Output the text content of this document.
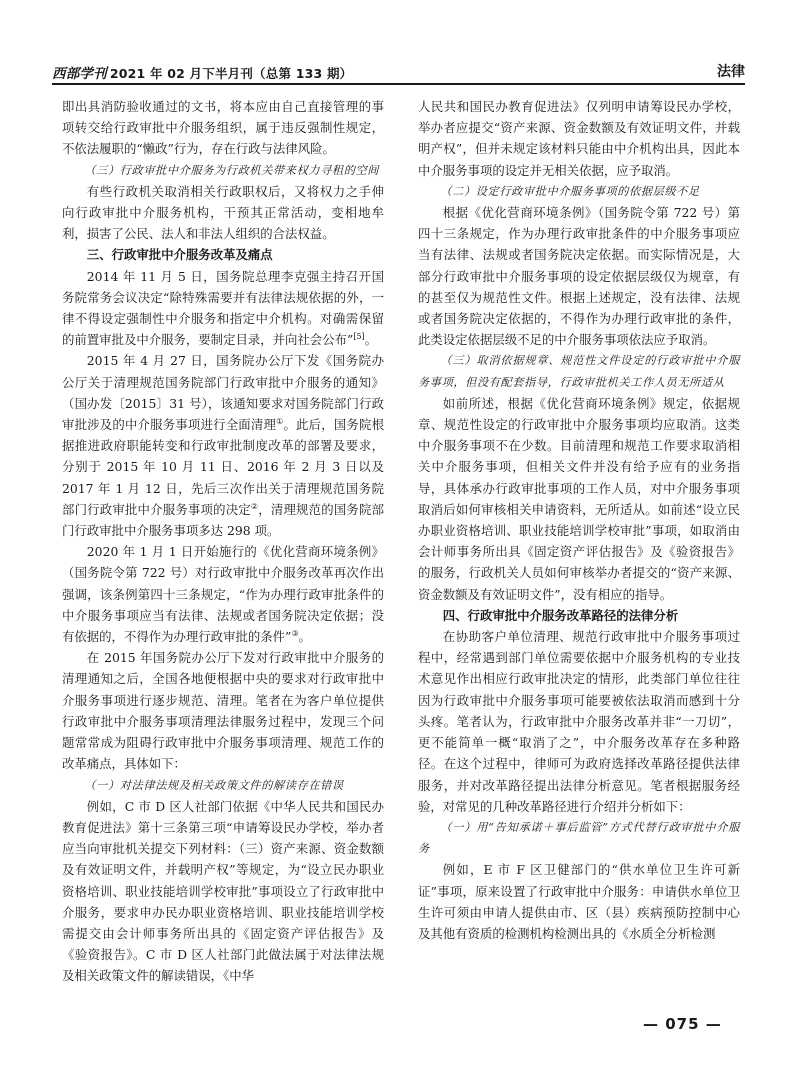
西部学刊 2021 年 02 月下半月刊（总第 133 期）	法律

即出具消防验收通过的文书，将本应由自己直接管理的事项转交给行政审批中介服务组织，属于违反强制性规定，不依法履职的“懒政”行为，存在行政与法律风险。

（三）行政审批中介服务为行政机关带来权力寻租的空间

有些行政机关取消相关行政职权后，又将权力之手伸向行政审批中介服务机构，干预其正常活动，变相地牟利，损害了公民、法人和非法人组织的合法权益。

三、行政审批中介服务改革及痛点

2014 年 11 月 5 日，国务院总理李克强主持召开国务院常务会议决定“除特殊需要并有法律法规依据的外，一律不得设定强制性中介服务和指定中介机构。对确需保留的前置审批及中介服务，要制定目录，并向社会公布”[5]。

2015 年 4 月 27 日，国务院办公厅下发《国务院办公厅关于清理规范国务院部门行政审批中介服务的通知》（国办发〔2015〕31 号），该通知要求对国务院部门行政审批涉及的中介服务事项进行全面清理①。此后，国务院根据推进政府职能转变和行政审批制度改革的部署及要求，分别于 2015 年 10 月 11 日、2016 年 2 月 3 日以及 2017 年 1 月 12 日，先后三次作出关于清理规范国务院部门行政审批中介服务事项的决定②，清理规范的国务院部门行政审批中介服务事项多达 298 项。

2020 年 1 月 1 日开始施行的《优化营商环境条例》（国务院令第 722 号）对行政审批中介服务改革再次作出强调，该条例第四十三条规定，“作为办理行政审批条件的中介服务事项应当有法律、法规或者国务院决定依据；没有依据的，不得作为办理行政审批的条件”③。

在 2015 年国务院办公厅下发对行政审批中介服务的清理通知之后，全国各地便根据中央的要求对行政审批中介服务事项进行逐步规范、清理。笔者在为客户单位提供行政审批中介服务事项清理法律服务过程中，发现三个问题常常成为阻碍行政审批中介服务事项清理、规范工作的改革痛点，具体如下：

（一）对法律法规及相关政策文件的解读存在错误

例如，C 市 D 区人社部门依据《中华人民共和国民办教育促进法》第十三条第三项“申请筹设民办学校，举办者应当向审批机关提交下列材料：（三）资产来源、资金数额及有效证明文件，并载明产权”等规定，为“设立民办职业资格培训、职业技能培训学校审批”事项设立了行政审批中介服务，要求申办民办职业资格培训、职业技能培训学校需提交由会计师事务所出具的《固定资产评估报告》及《验资报告》。C 市 D 区人社部门此做法属于对法律法规及相关政策文件的解读错误，《中华

人民共和国民办教育促进法》仅列明申请筹设民办学校，举办者应提交“资产来源、资金数额及有效证明文件，并载明产权”，但并未规定该材料只能由中介机构出具，因此本中介服务事项的设定并无相关依据，应予取消。

（二）设定行政审批中介服务事项的依据层级不足

根据《优化营商环境条例》（国务院令第 722 号）第四十三条规定，作为办理行政审批条件的中介服务事项应当有法律、法规或者国务院决定依据。而实际情况是，大部分行政审批中介服务事项的设定依据层级仅为规章，有的甚至仅为规范性文件。根据上述规定，没有法律、法规或者国务院决定依据的，不得作为办理行政审批的条件，此类设定依据层级不足的中介服务事项依法应予取消。

（三）取消依据规章、规范性文件设定的行政审批中介服务事项，但没有配套指导，行政审批机关工作人员无所适从

如前所述，根据《优化营商环境条例》规定，依据规章、规范性设定的行政审批中介服务事项均应取消。这类中介服务事项不在少数。目前清理和规范工作要求取消相关中介服务事项，但相关文件并没有给予应有的业务指导，具体承办行政审批事项的工作人员，对中介服务事项取消后如何审核相关申请资料，无所适从。如前述“设立民办职业资格培训、职业技能培训学校审批”事项，如取消由会计师事务所出具《固定资产评估报告》及《验资报告》的服务，行政机关人员如何审核举办者提交的“资产来源、资金数额及有效证明文件”，没有相应的指导。

四、行政审批中介服务改革路径的法律分析

在协助客户单位清理、规范行政审批中介服务事项过程中，经常遇到部门单位需要依据中介服务机构的专业技术意见作出相应行政审批决定的情形，此类部门单位往往因为行政审批中介服务事项可能要被依法取消而感到十分头疼。笔者认为，行政审批中介服务改革并非“一刀切”，更不能简单一概“取消了之”，中介服务改革存在多种路径。在这个过程中，律师可为政府选择改革路径提供法律服务，并对改革路径提出法律分析意见。笔者根据服务经验，对常见的几种改革路径进行介绍并分析如下：

（一）用“告知承诺＋事后监管”方式代替行政审批中介服务

例如，E 市 F 区卫健部门的“供水单位卫生许可新证”事项，原来设置了行政审批中介服务：申请供水单位卫生许可须由申请人提供由市、区（县）疾病预防控制中心及其他有资质的检测机构检测出具的《水质全分析检测

— 075 —
